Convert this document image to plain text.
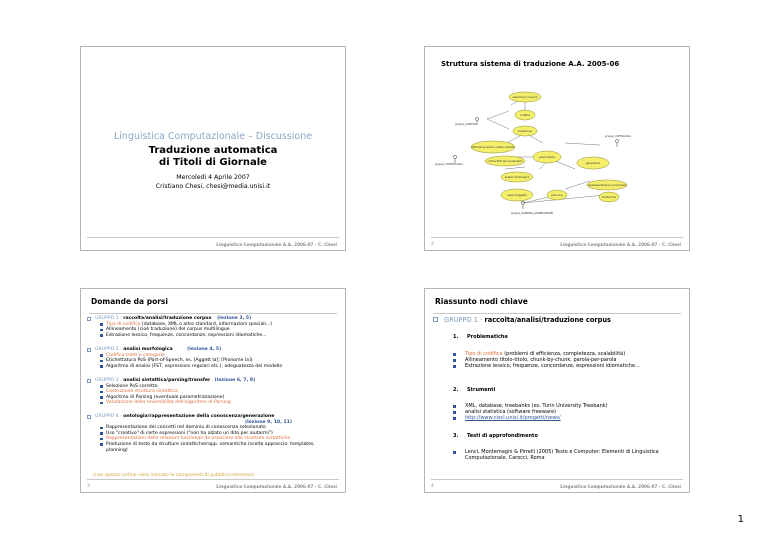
Linguistica Computazionale – Discussione
Traduzione automatica
di Titoli di Giornale
Mercoledì 4 Aprile 2007
Cristiano Chesi, chesi@media.unisi.it
Linguistica Computazionale A.A. 2006-07 - C. Chesi
Struttura sistema di traduzione A.A. 2005-06
selezione il corpora
codifica
traduzione
definizione lessico, albero sintatt.
codice POS del vocabolario
grammatica
generatore
analisi morfologica
rappresentazione conoscenza
lessico/oggetti	planning
traduzione
gruppo_CORPUS
gruppo_ONTOLOGIA
gruppo_MORFOLOGIA
gruppo_PARSING_GENERAZIONE
2	Linguistica Computazionale A.A. 2006-07 - C. Chesi
Domande da porsi
GRUPPO 1 - raccolta/analisi/traduzione corpus (lezione 3, 5)
Tipo di codifica (database, XML o altro standard, informazioni speciali...)
Allineamento (cioè traduzione) del corpus multilingue
Estrazione lessico, frequenze, concordanze, espressioni idiomatiche...
GRUPPO 2 - analisi morfologica	(lezione 4, 5)
Codifica tratti e categorie
Etichettatura PoS (Part-of-Speech, es. [Aggett la]; [Pronome la])
Algoritmo di analisi (FST, espressioni regolari etc.), adeguatezza del modello
GRUPPO 3 - analisi sintattica/parsing/transfer (lezione 6, 7, 8)
Selezione PoS corretto
Costruzione struttura sintattica
Algoritmo di Parsing (eventuale parametrizzazione)
Valutazione della reversibilità dell'algoritmo di Parsing
GRUPPO 4 - ontologia/rappresentazione della conoscenza/generazione
(lezione 9, 10, 11)
Rappresentazione dei concetti nel dominio di conoscenza selezionato
Uso "creativo" di certe espressioni ("non ha alzato un dito per aiutarmi")
Rappresentazioni delle relazioni funzionali da associare alle strutture sintattiche
Produzione di testo da strutture sintattiche/rapp. semantiche (scelta approccio: templates, planning)
(non questo ordine visto indicato le componenti di pubblico interesse)
3	Linguistica Computazionale A.A. 2006-07 - C. Chesi
Riassunto nodi chiave
GRUPPO 1 - raccolta/analisi/traduzione corpus
1. Problematiche
Tipo di codifica (problemi di efficienza, completezza, scalabilità)
Allineamento titolo-titolo, chunk-by-chunk, parola-per-parola
Estrazione lessico, frequenze, concordanze, espressioni idiomatiche...
2. Strumenti
XML, database, treebanks (es. Turin University Treebank)
analisi statistica (software freeware)
http://www.ciscl.unisi.it/progetti/news/
3. Testi di approfondimento
Lenci, Montemagni & Pirrelli (2005) Testo e Computer: Elementi di Linguistica Computazionale. Carocci, Roma
4	Linguistica Computazionale A.A. 2006-07 - C. Chesi
1
